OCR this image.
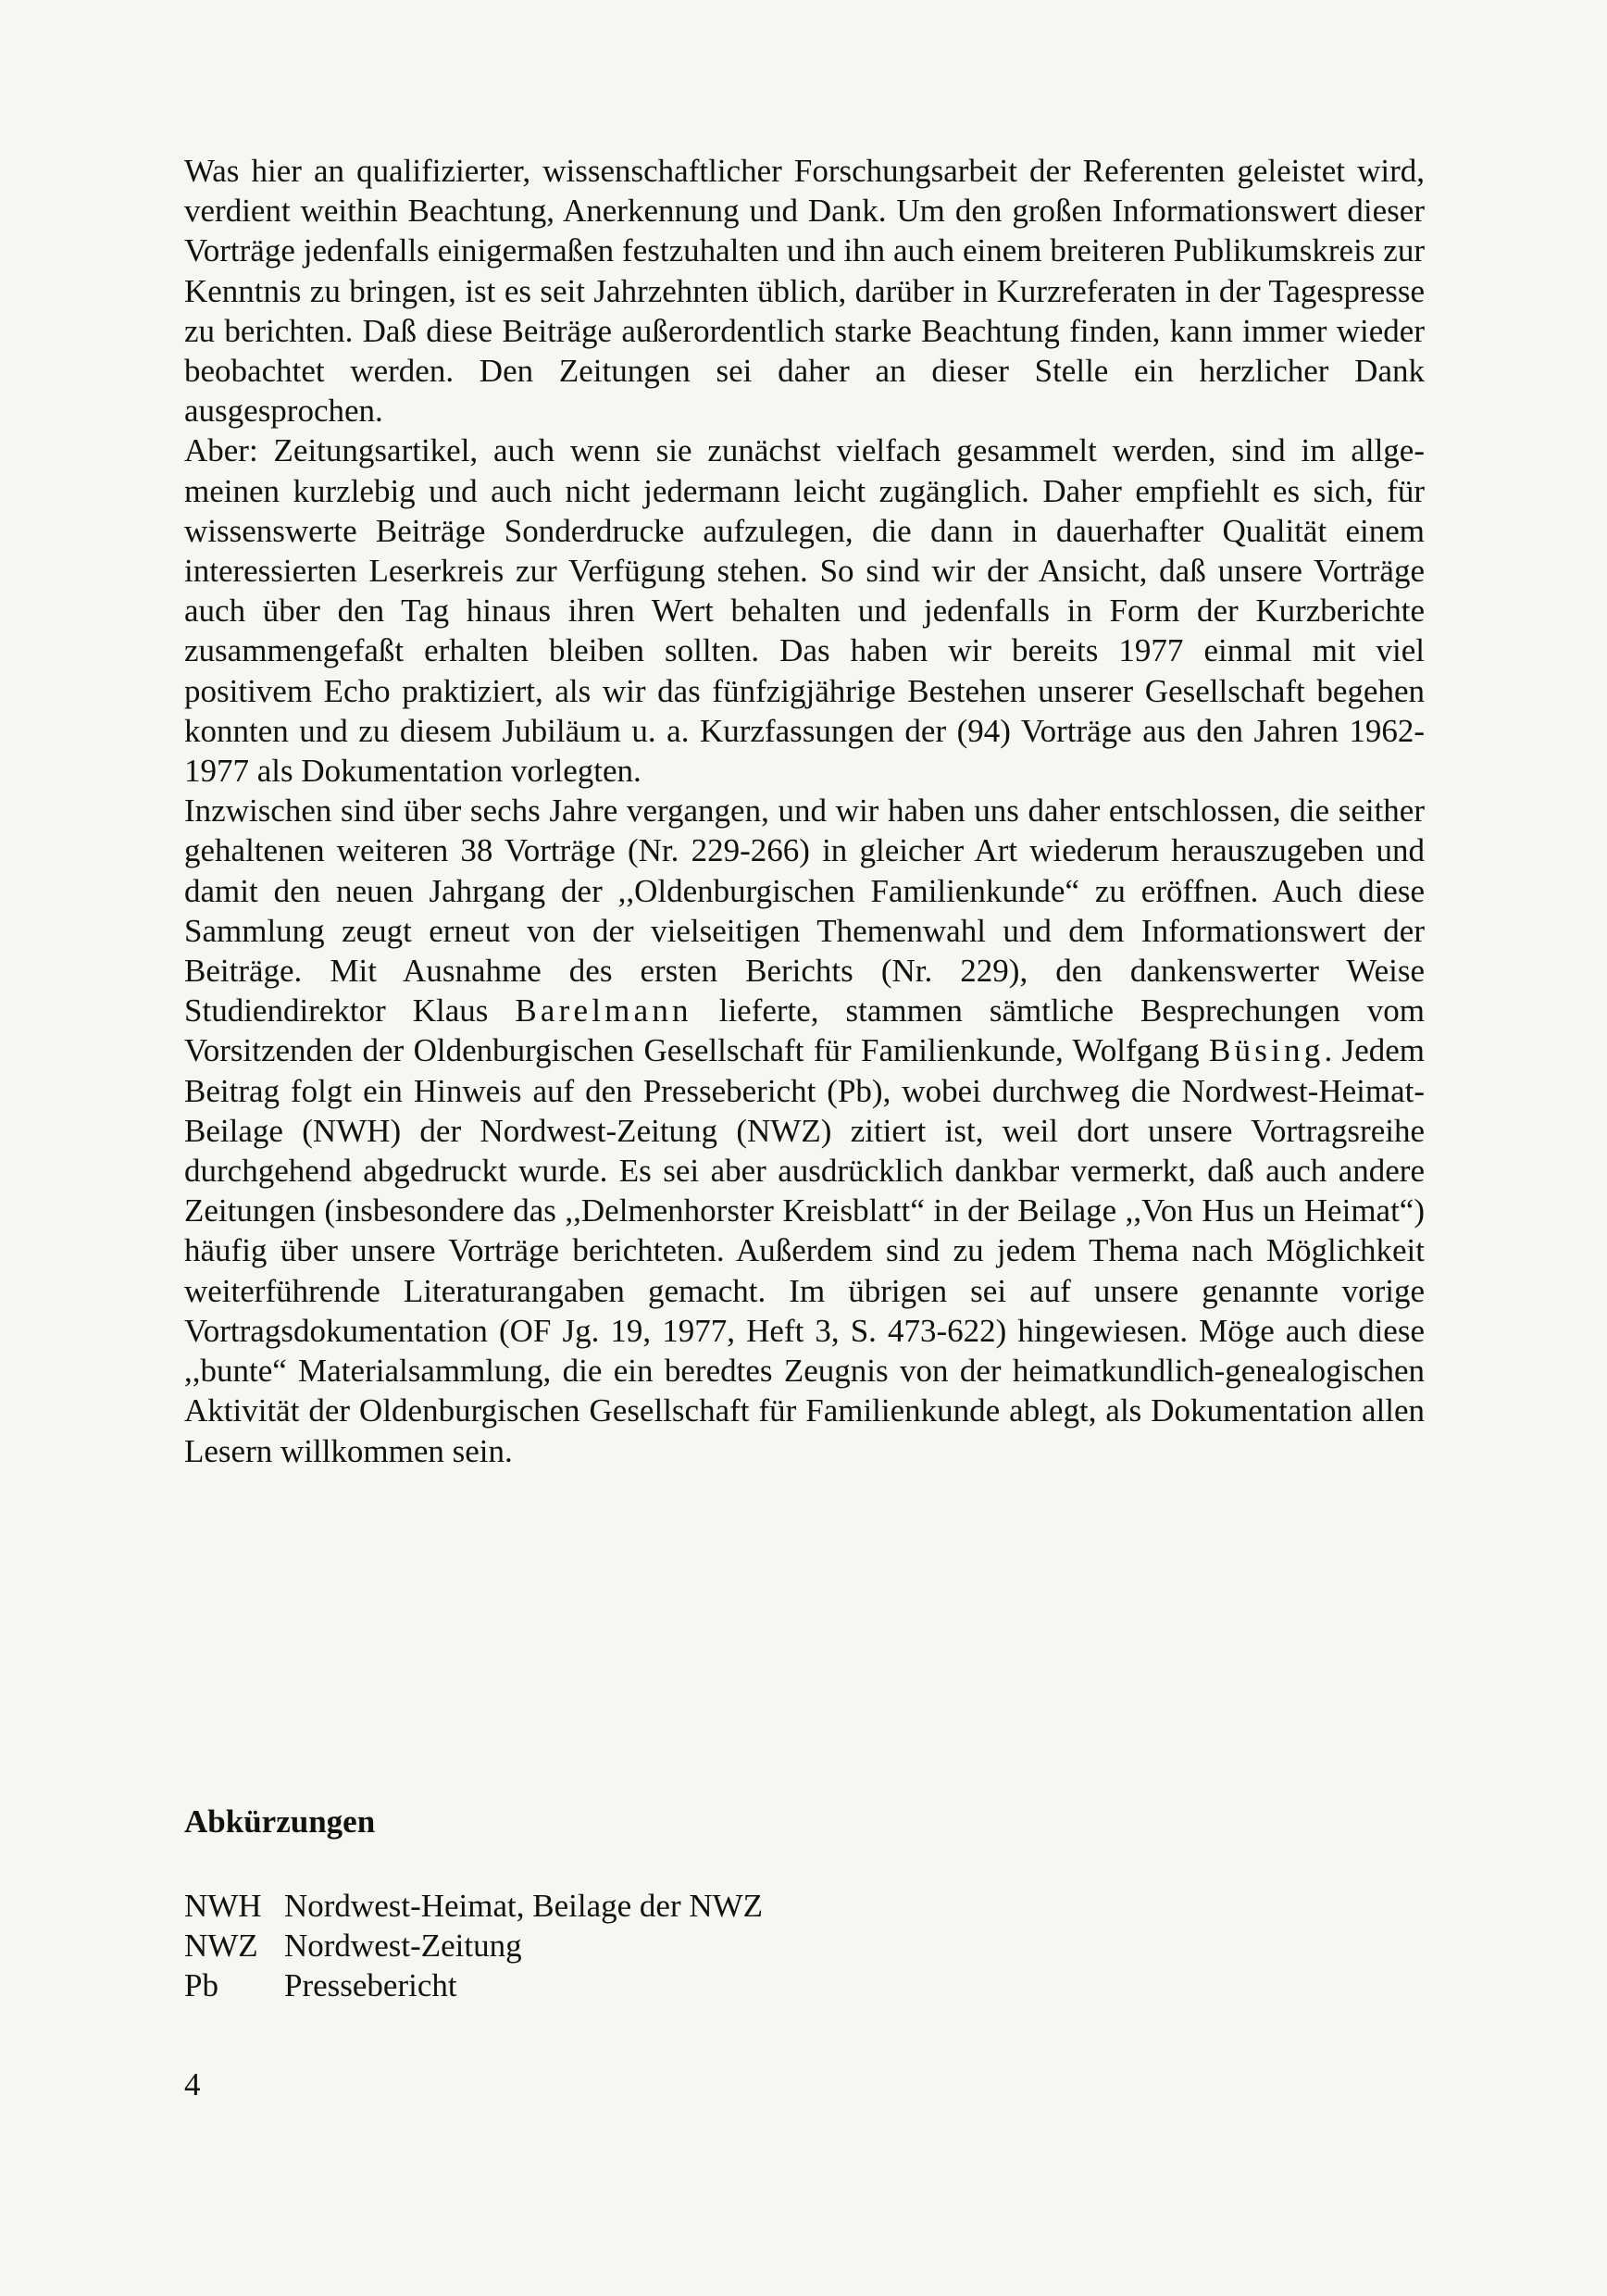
Was hier an qualifizierter, wissenschaftlicher Forschungsarbeit der Referenten geleistet wird, verdient weithin Beachtung, Anerkennung und Dank. Um den großen Informationswert dieser Vorträge jedenfalls einigermaßen festzuhalten und ihn auch einem breiteren Publikumskreis zur Kenntnis zu bringen, ist es seit Jahrzehnten üblich, darüber in Kurzreferaten in der Tagespresse zu berichten. Daß diese Beiträge außerordentlich starke Beachtung finden, kann immer wieder beobachtet werden. Den Zeitungen sei daher an dieser Stelle ein herzlicher Dank ausgesprochen.

Aber: Zeitungsartikel, auch wenn sie zunächst vielfach gesammelt werden, sind im allgemeinen kurzlebig und auch nicht jedermann leicht zugänglich. Daher empfiehlt es sich, für wissenswerte Beiträge Sonderdrucke aufzulegen, die dann in dauerhafter Qualität einem interessierten Leserkreis zur Verfügung stehen. So sind wir der Ansicht, daß unsere Vorträge auch über den Tag hinaus ihren Wert behalten und jedenfalls in Form der Kurzberichte zusammengefaßt erhalten bleiben sollten. Das haben wir bereits 1977 einmal mit viel positivem Echo praktiziert, als wir das fünfzigjährige Bestehen unserer Gesellschaft begehen konnten und zu diesem Jubiläum u. a. Kurzfassungen der (94) Vorträge aus den Jahren 1962-1977 als Dokumentation vorlegten.

Inzwischen sind über sechs Jahre vergangen, und wir haben uns daher entschlossen, die seither gehaltenen weiteren 38 Vorträge (Nr. 229-266) in gleicher Art wiederum herauszugeben und damit den neuen Jahrgang der ,,Oldenburgischen Familienkunde“ zu eröffnen. Auch diese Sammlung zeugt erneut von der vielseitigen Themenwahl und dem Informationswert der Beiträge. Mit Ausnahme des ersten Berichts (Nr. 229), den dankenswerter Weise Studiendirektor Klaus Barelmann lieferte, stammen sämtliche Besprechungen vom Vorsitzenden der Oldenburgischen Gesellschaft für Familienkunde, Wolfgang Büsing. Jedem Beitrag folgt ein Hinweis auf den Pressebericht (Pb), wobei durchweg die Nordwest-Heimat-Beilage (NWH) der Nordwest-Zeitung (NWZ) zitiert ist, weil dort unsere Vortragsreihe durchgehend abgedruckt wurde. Es sei aber ausdrücklich dankbar vermerkt, daß auch andere Zeitungen (insbesondere das ,,Delmenhorster Kreisblatt“ in der Beilage ,,Von Hus un Heimat“) häufig über unsere Vorträge berichteten. Außerdem sind zu jedem Thema nach Möglichkeit weiterführende Literaturangaben gemacht. Im übrigen sei auf unsere genannte vorige Vortragsdokumentation (OF Jg. 19, 1977, Heft 3, S. 473-622) hingewiesen. Möge auch diese ,,bunte“ Materialsammlung, die ein beredtes Zeugnis von der heimatkundlich-genealogischen Aktivität der Oldenburgischen Gesellschaft für Familienkunde ablegt, als Dokumentation allen Lesern willkommen sein.

Abkürzungen
NWH Nordwest-Heimat, Beilage der NWZ
NWZ Nordwest-Zeitung
Pb	Pressebericht
4
